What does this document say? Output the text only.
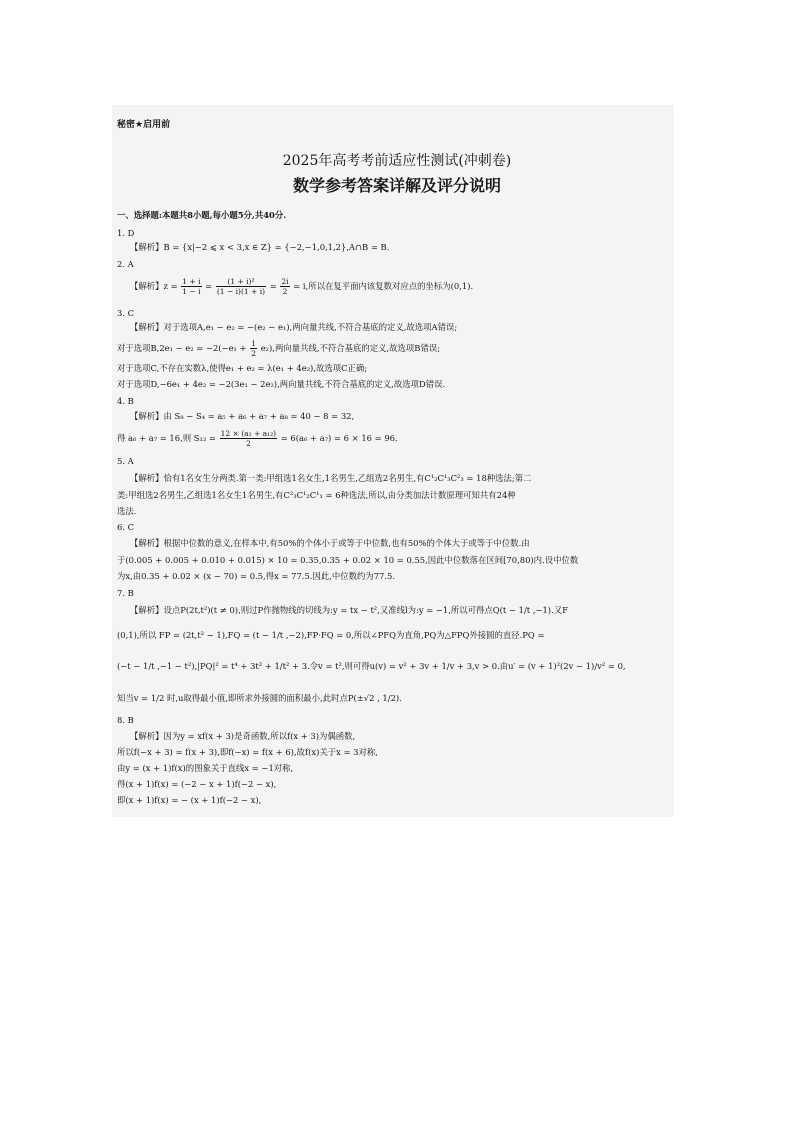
秘密★启用前
2025年高考考前适应性测试(冲刺卷)
数学参考答案详解及评分说明
一、选择题:本题共8小题,每小题5分,共40分.
1. D
【解析】B = {x|−2 ⩽ x < 3,x ∈ Z} = {−2,−1,0,1,2},A∩B = B.
2. A
【解析】$z = \frac{1 + i}{1 - i} = \frac{\text{(1 + i)²}}{(1 - i)(1 + i)} = \frac{2i}{2} = i$,所以在复平面内该复数对应点的坐标为(0,1).
3. C
【解析】对于选项A,e₁ − e₂ = −(e₂ − e₁),两向量共线,不符合基底的定义,故选项A错误;
对于选项$B,2e_1 - e_2 = -2(-e_1 + \frac{1}{2} e_2)$,两向量共线,不符合基底的定义,故选项B错误;
对于选项C,不存在实数λ,使得e₁ + e₂ = λ(e₁ + 4e₂),故选项C正确;
对于选项D,−6e₁ + 4e₂ = −2(3e₁ − 2e₂),两向量共线,不符合基底的定义,故选项D错误.
4. B
【解析】由 S₈ − S₄ = a₅ + a₆ + a₇ + a₈ = 40 − 8 = 32,
得 a₆ + a₇ = 16,则 $S_{12} = \frac{\text{12 × (a₁ + a₁₂)}}{2} = 6(a_6 + a_7) = 6 \times 16 = 96$.
5. A
【解析】恰有1名女生分两类.第一类:甲组选1名女生,1名男生,乙组选2名男生,有C¹₂C¹₃C²₃ = 18种选法;第二
类:甲组选2名男生,乙组选1名女生1名男生,有C²₃C¹₂C¹₁ = 6种选法,所以,由分类加法计数原理可知共有24种
选法.
6. C
【解析】根据中位数的意义,在样本中,有50%的个体小于或等于中位数,也有50%的个体大于或等于中位数.由
于(0.005 + 0.005 + 0.010 + 0.015) × 10 = 0.35,0.35 + 0.02 × 10 = 0.55,因此中位数落在区间[70,80)内.设中位数
为x,由0.35 + 0.02 × (x − 70) = 0.5,得x = 77.5.因此,中位数约为77.5.
7. B
【解析】设点P(2t,t²)(t ≠ 0),则过P作抛物线的切线为:y = tx − t²,又准线l为:y = −1,所以可得点Q(t − 1/t ,−1).又F
(0,1),所以 FP = (2t,t² − 1),FQ = (t − 1/t ,−2),FP·FQ = 0,所以∠PFQ为直角,PQ为△FPQ外接圆的直径.PQ =
(−t − 1/t ,−1 − t²),|PQ|² = t⁴ + 3t² + 1/t² + 3.令v = t²,则可得u(v) = v² + 3v + 1/v + 3,v > 0.由u′ = (v + 1)²(2v − 1)/v² = 0,
知当v = 1/2 时,u取得最小值,即所求外接圆的面积最小,此时点P(±√2 , 1/2).
8. B
【解析】因为y = xf(x + 3)是奇函数,所以f(x + 3)为偶函数,
所以f(−x + 3) = f(x + 3),即f(−x) = f(x + 6),故f(x)关于x = 3对称,
由y = (x + 1)f(x)的图象关于直线x = −1对称,
得(x + 1)f(x) = (−2 − x + 1)f(−2 − x),
即(x + 1)f(x) = − (x + 1)f(−2 − x),
